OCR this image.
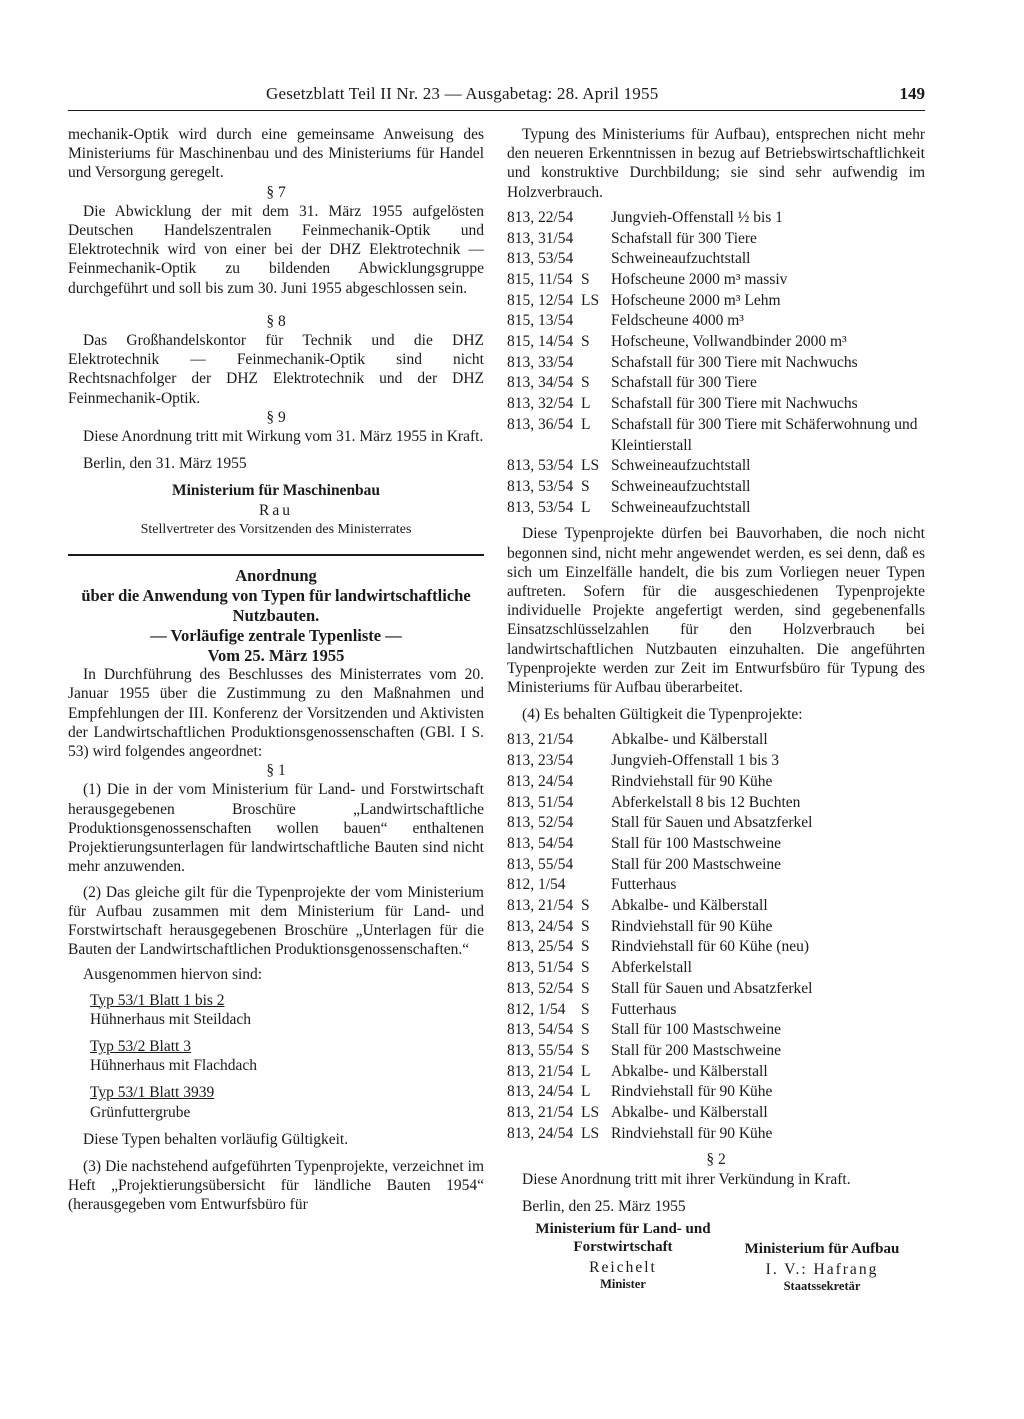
Gesetzblatt Teil II Nr. 23 — Ausgabetag: 28. April 1955	149

mechanik-Optik wird durch eine gemeinsame Anweisung des Ministeriums für Maschinenbau und des Ministeriums für Handel und Versorgung geregelt.

§ 7

Die Abwicklung der mit dem 31. März 1955 aufgelösten Deutschen Handelszentralen Feinmechanik-Optik und Elektrotechnik wird von einer bei der DHZ Elektrotechnik — Feinmechanik-Optik zu bildenden Abwicklungsgruppe durchgeführt und soll bis zum 30. Juni 1955 abgeschlossen sein.

§ 8

Das Großhandelskontor für Technik und die DHZ Elektrotechnik — Feinmechanik-Optik sind nicht Rechtsnachfolger der DHZ Elektrotechnik und der DHZ Feinmechanik-Optik.

§ 9

Diese Anordnung tritt mit Wirkung vom 31. März 1955 in Kraft.

Berlin, den 31. März 1955

Ministerium für Maschinenbau

Rau

Stellvertreter des Vorsitzenden des Ministerrates

Anordnung

über die Anwendung von Typen für landwirtschaftliche Nutzbauten.

— Vorläufige zentrale Typenliste —

Vom 25. März 1955

In Durchführung des Beschlusses des Ministerrates vom 20. Januar 1955 über die Zustimmung zu den Maßnahmen und Empfehlungen der III. Konferenz der Vorsitzenden und Aktivisten der Landwirtschaftlichen Produktionsgenossenschaften (GBl. I S. 53) wird folgendes angeordnet:

§ 1

(1) Die in der vom Ministerium für Land- und Forstwirtschaft herausgegebenen Broschüre „Landwirtschaftliche Produktionsgenossenschaften wollen bauen“ enthaltenen Projektierungsunterlagen für landwirtschaftliche Bauten sind nicht mehr anzuwenden.

(2) Das gleiche gilt für die Typenprojekte der vom Ministerium für Aufbau zusammen mit dem Ministerium für Land- und Forstwirtschaft herausgegebenen Broschüre „Unterlagen für die Bauten der Landwirtschaftlichen Produktionsgenossenschaften.“

Ausgenommen hiervon sind:

Typ 53/1 Blatt 1 bis 2
Hühnerhaus mit Steildach
Typ 53/2 Blatt 3
Hühnerhaus mit Flachdach
Typ 53/1 Blatt 3939
Grünfuttergrube

Diese Typen behalten vorläufig Gültigkeit.

(3) Die nachstehend aufgeführten Typenprojekte, verzeichnet im Heft „Projektierungsübersicht für ländliche Bauten 1954“ (herausgegeben vom Entwurfsbüro für

Typung des Ministeriums für Aufbau), entsprechen nicht mehr den neueren Erkenntnissen in bezug auf Betriebswirtschaftlichkeit und konstruktive Durchbildung; sie sind sehr aufwendig im Holzverbrauch.

813, 22/54		Jungvieh-Offenstall ½ bis 1
813, 31/54		Schafstall für 300 Tiere
813, 53/54		Schweineaufzuchtstall
815, 11/54	S	Hofscheune 2000 m³ massiv
815, 12/54	LS	Hofscheune 2000 m³ Lehm
815, 13/54		Feldscheune 4000 m³
815, 14/54	S	Hofscheune, Vollwandbinder 2000 m³
813, 33/54		Schafstall für 300 Tiere mit Nachwuchs
813, 34/54	S	Schafstall für 300 Tiere
813, 32/54	L	Schafstall für 300 Tiere mit Nachwuchs
813, 36/54	L	Schafstall für 300 Tiere mit Schäferwohnung und Kleintierstall
813, 53/54	LS	Schweineaufzuchtstall
813, 53/54	S	Schweineaufzuchtstall
813, 53/54	L	Schweineaufzuchtstall

Diese Typenprojekte dürfen bei Bauvorhaben, die noch nicht begonnen sind, nicht mehr angewendet werden, es sei denn, daß es sich um Einzelfälle handelt, die bis zum Vorliegen neuer Typen auftreten. Sofern für die ausgeschiedenen Typenprojekte individuelle Projekte angefertigt werden, sind gegebenenfalls Einsatzschlüsselzahlen für den Holzverbrauch bei landwirtschaftlichen Nutzbauten einzuhalten. Die angeführten Typenprojekte werden zur Zeit im Entwurfsbüro für Typung des Ministeriums für Aufbau überarbeitet.

(4) Es behalten Gültigkeit die Typenprojekte:

813, 21/54		Abkalbe- und Kälberstall
813, 23/54		Jungvieh-Offenstall 1 bis 3
813, 24/54		Rindviehstall für 90 Kühe
813, 51/54		Abferkelstall 8 bis 12 Buchten
813, 52/54		Stall für Sauen und Absatzferkel
813, 54/54		Stall für 100 Mastschweine
813, 55/54		Stall für 200 Mastschweine
812, 1/54		Futterhaus
813, 21/54	S	Abkalbe- und Kälberstall
813, 24/54	S	Rindviehstall für 90 Kühe
813, 25/54	S	Rindviehstall für 60 Kühe (neu)
813, 51/54	S	Abferkelstall
813, 52/54	S	Stall für Sauen und Absatzferkel
812, 1/54	S	Futterhaus
813, 54/54	S	Stall für 100 Mastschweine
813, 55/54	S	Stall für 200 Mastschweine
813, 21/54	L	Abkalbe- und Kälberstall
813, 24/54	L	Rindviehstall für 90 Kühe
813, 21/54	LS	Abkalbe- und Kälberstall
813, 24/54	LS	Rindviehstall für 90 Kühe

§ 2

Diese Anordnung tritt mit ihrer Verkündung in Kraft.

Berlin, den 25. März 1955

Ministerium für Land- und Forstwirtschaft
Reichelt
Minister
Ministerium für Aufbau
I. V.: Hafrang
Staatssekretär
